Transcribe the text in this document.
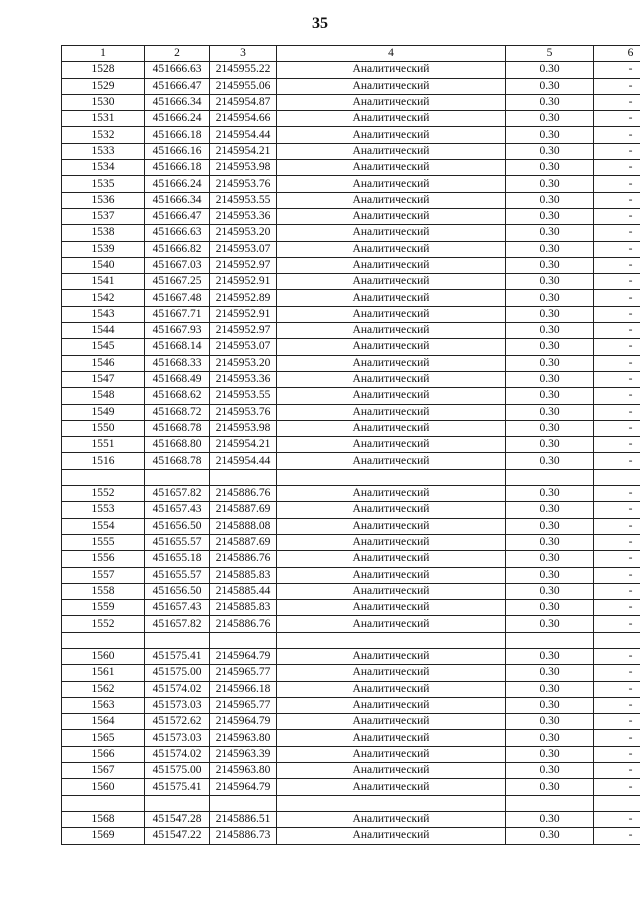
35
1	2	3	4	5	6
1528	451666.63	2145955.22	Аналитический	0.30	-
1529	451666.47	2145955.06	Аналитический	0.30	-
1530	451666.34	2145954.87	Аналитический	0.30	-
1531	451666.24	2145954.66	Аналитический	0.30	-
1532	451666.18	2145954.44	Аналитический	0.30	-
1533	451666.16	2145954.21	Аналитический	0.30	-
1534	451666.18	2145953.98	Аналитический	0.30	-
1535	451666.24	2145953.76	Аналитический	0.30	-
1536	451666.34	2145953.55	Аналитический	0.30	-
1537	451666.47	2145953.36	Аналитический	0.30	-
1538	451666.63	2145953.20	Аналитический	0.30	-
1539	451666.82	2145953.07	Аналитический	0.30	-
1540	451667.03	2145952.97	Аналитический	0.30	-
1541	451667.25	2145952.91	Аналитический	0.30	-
1542	451667.48	2145952.89	Аналитический	0.30	-
1543	451667.71	2145952.91	Аналитический	0.30	-
1544	451667.93	2145952.97	Аналитический	0.30	-
1545	451668.14	2145953.07	Аналитический	0.30	-
1546	451668.33	2145953.20	Аналитический	0.30	-
1547	451668.49	2145953.36	Аналитический	0.30	-
1548	451668.62	2145953.55	Аналитический	0.30	-
1549	451668.72	2145953.76	Аналитический	0.30	-
1550	451668.78	2145953.98	Аналитический	0.30	-
1551	451668.80	2145954.21	Аналитический	0.30	-
1516	451668.78	2145954.44	Аналитический	0.30	-

1552	451657.82	2145886.76	Аналитический	0.30	-
1553	451657.43	2145887.69	Аналитический	0.30	-
1554	451656.50	2145888.08	Аналитический	0.30	-
1555	451655.57	2145887.69	Аналитический	0.30	-
1556	451655.18	2145886.76	Аналитический	0.30	-
1557	451655.57	2145885.83	Аналитический	0.30	-
1558	451656.50	2145885.44	Аналитический	0.30	-
1559	451657.43	2145885.83	Аналитический	0.30	-
1552	451657.82	2145886.76	Аналитический	0.30	-

1560	451575.41	2145964.79	Аналитический	0.30	-
1561	451575.00	2145965.77	Аналитический	0.30	-
1562	451574.02	2145966.18	Аналитический	0.30	-
1563	451573.03	2145965.77	Аналитический	0.30	-
1564	451572.62	2145964.79	Аналитический	0.30	-
1565	451573.03	2145963.80	Аналитический	0.30	-
1566	451574.02	2145963.39	Аналитический	0.30	-
1567	451575.00	2145963.80	Аналитический	0.30	-
1560	451575.41	2145964.79	Аналитический	0.30	-

1568	451547.28	2145886.51	Аналитический	0.30	-
1569	451547.22	2145886.73	Аналитический	0.30	-
